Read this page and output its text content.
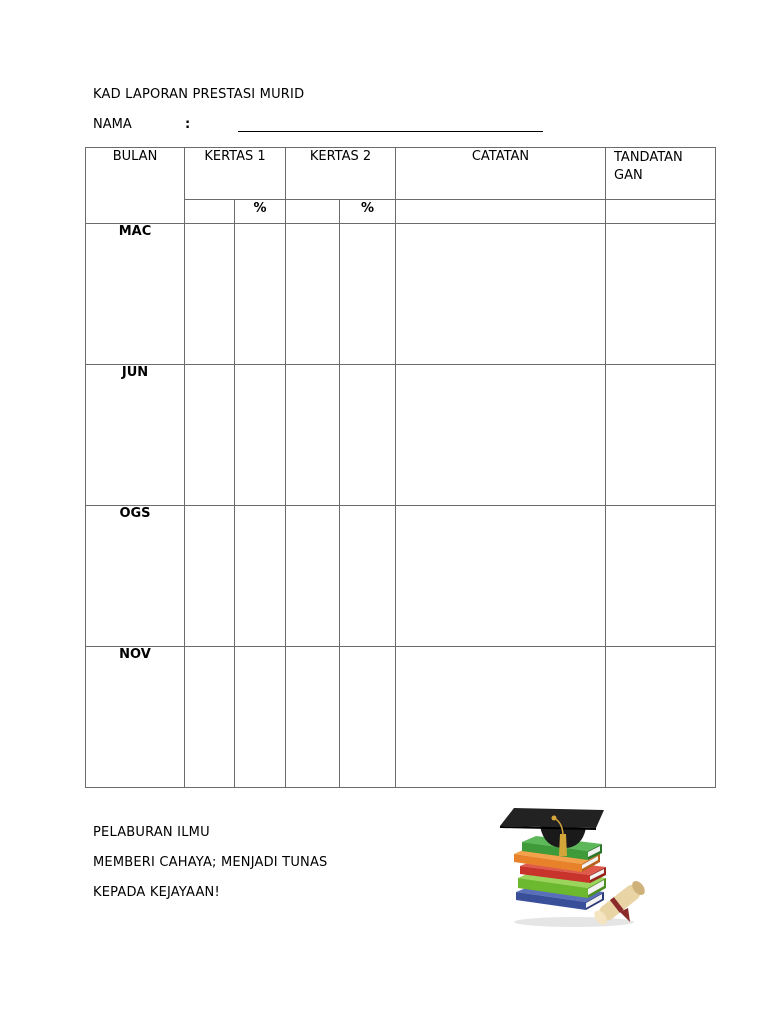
KAD LAPORAN PRESTASI MURID
NAMA	:
BULAN	KERTAS 1		KERTAS 2		CATATAN	TANDATAN GAN
		%		%		
MAC						
JUN						
OGS						
NOV						
PELABURAN ILMU
MEMBERI CAHAYA; MENJADI TUNAS
KEPADA KEJAYAAN!
